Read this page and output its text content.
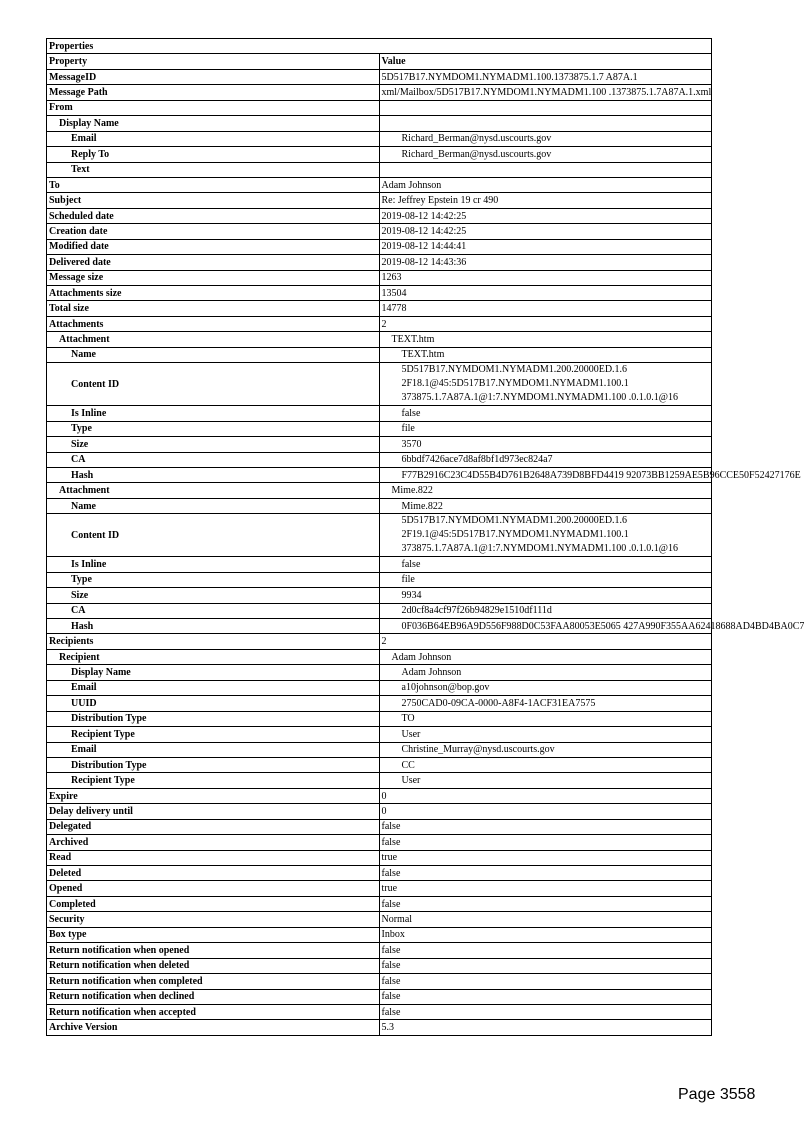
Properties	
Property	Value
MessageID	5D517B17.NYMDOM1.NYMADM1.100.1373875.1.7 A87A.1
Message Path	xml/Mailbox/5D517B17.NYMDOM1.NYMADM1.100 .1373875.1.7A87A.1.xml
From	
Display Name	
Email	Richard_Berman@nysd.uscourts.gov
Reply To	Richard_Berman@nysd.uscourts.gov
Text	
To	Adam Johnson
Subject	Re: Jeffrey Epstein 19 cr 490
Scheduled date	2019-08-12 14:42:25
Creation date	2019-08-12 14:42:25
Modified date	2019-08-12 14:44:41
Delivered date	2019-08-12 14:43:36
Message size	1263
Attachments size	13504
Total size	14778
Attachments	2
Attachment	TEXT.htm
Name	TEXT.htm
Content ID	5D517B17.NYMDOM1.NYMADM1.200.20000ED.1.6
2F18.1@45:5D517B17.NYMDOM1.NYMADM1.100.1
373875.1.7A87A.1@1:7.NYMDOM1.NYMADM1.100 .0.1.0.1@16
Is Inline	false
Type	file
Size	3570
CA	6bbdf7426ace7d8af8bf1d973ec824a7
Hash	F77B2916C23C4D55B4D761B2648A739D8BFD4419 92073BB1259AE5B96CCE50F52427176E
Attachment	Mime.822
Name	Mime.822
Content ID	5D517B17.NYMDOM1.NYMADM1.200.20000ED.1.6
2F19.1@45:5D517B17.NYMDOM1.NYMADM1.100.1
373875.1.7A87A.1@1:7.NYMDOM1.NYMADM1.100 .0.1.0.1@16
Is Inline	false
Type	file
Size	9934
CA	2d0cf8a4cf97f26b94829e1510df111d
Hash	0F036B64EB96A9D556F988D0C53FAA80053E5065 427A990F355AA62418688AD4BD4BA0C7
Recipients	2
Recipient	Adam Johnson
Display Name	Adam Johnson
Email	a10johnson@bop.gov
UUID	2750CAD0-09CA-0000-A8F4-1ACF31EA7575
Distribution Type	TO
Recipient Type	User
Email	Christine_Murray@nysd.uscourts.gov
Distribution Type	CC
Recipient Type	User
Expire	0
Delay delivery until	0
Delegated	false
Archived	false
Read	true
Deleted	false
Opened	true
Completed	false
Security	Normal
Box type	Inbox
Return notification when opened	false
Return notification when deleted	false
Return notification when completed	false
Return notification when declined	false
Return notification when accepted	false
Archive Version	5.3
Page 3558
